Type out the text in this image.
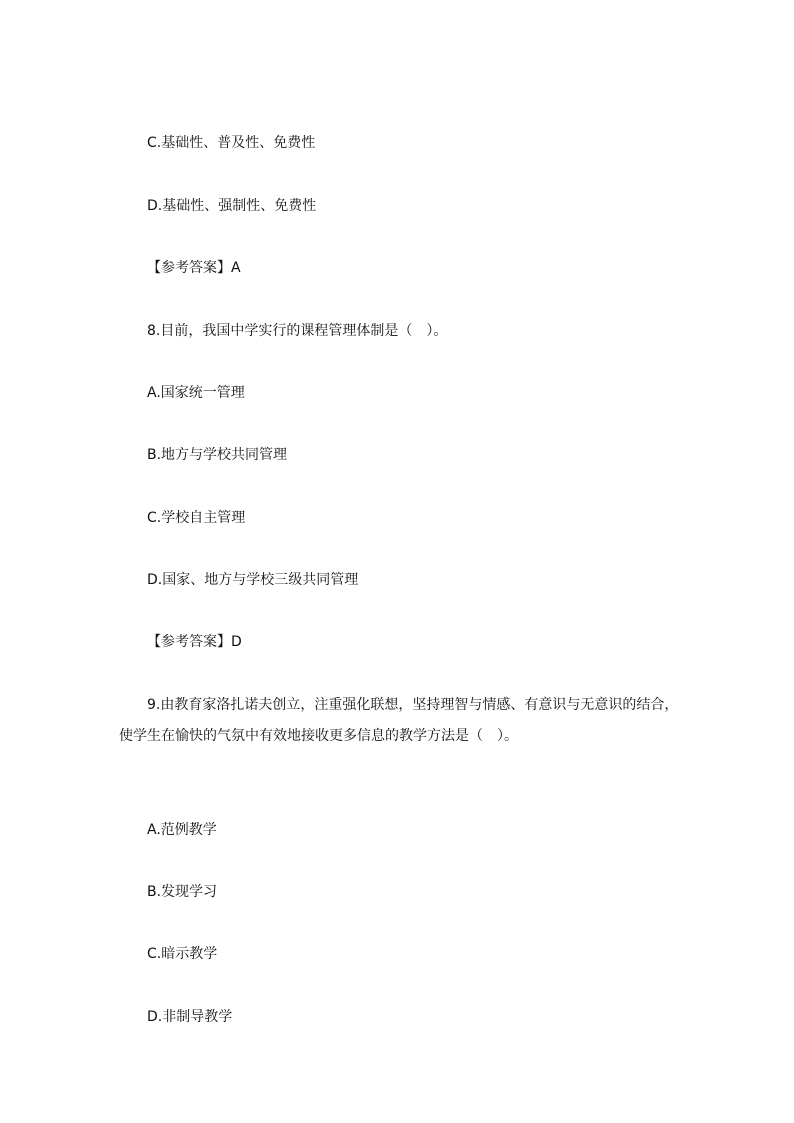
C.基础性、普及性、免费性
D.基础性、强制性、免费性
【参考答案】A
8.目前，我国中学实行的课程管理体制是（　）。
A.国家统一管理
B.地方与学校共同管理
C.学校自主管理
D.国家、地方与学校三级共同管理
【参考答案】D
9.由教育家洛扎诺夫创立，注重强化联想，坚持理智与情感、有意识与无意识的结合，
使学生在愉快的气氛中有效地接收更多信息的教学方法是（　）。
A.范例教学
B.发现学习
C.暗示教学
D.非制导教学
